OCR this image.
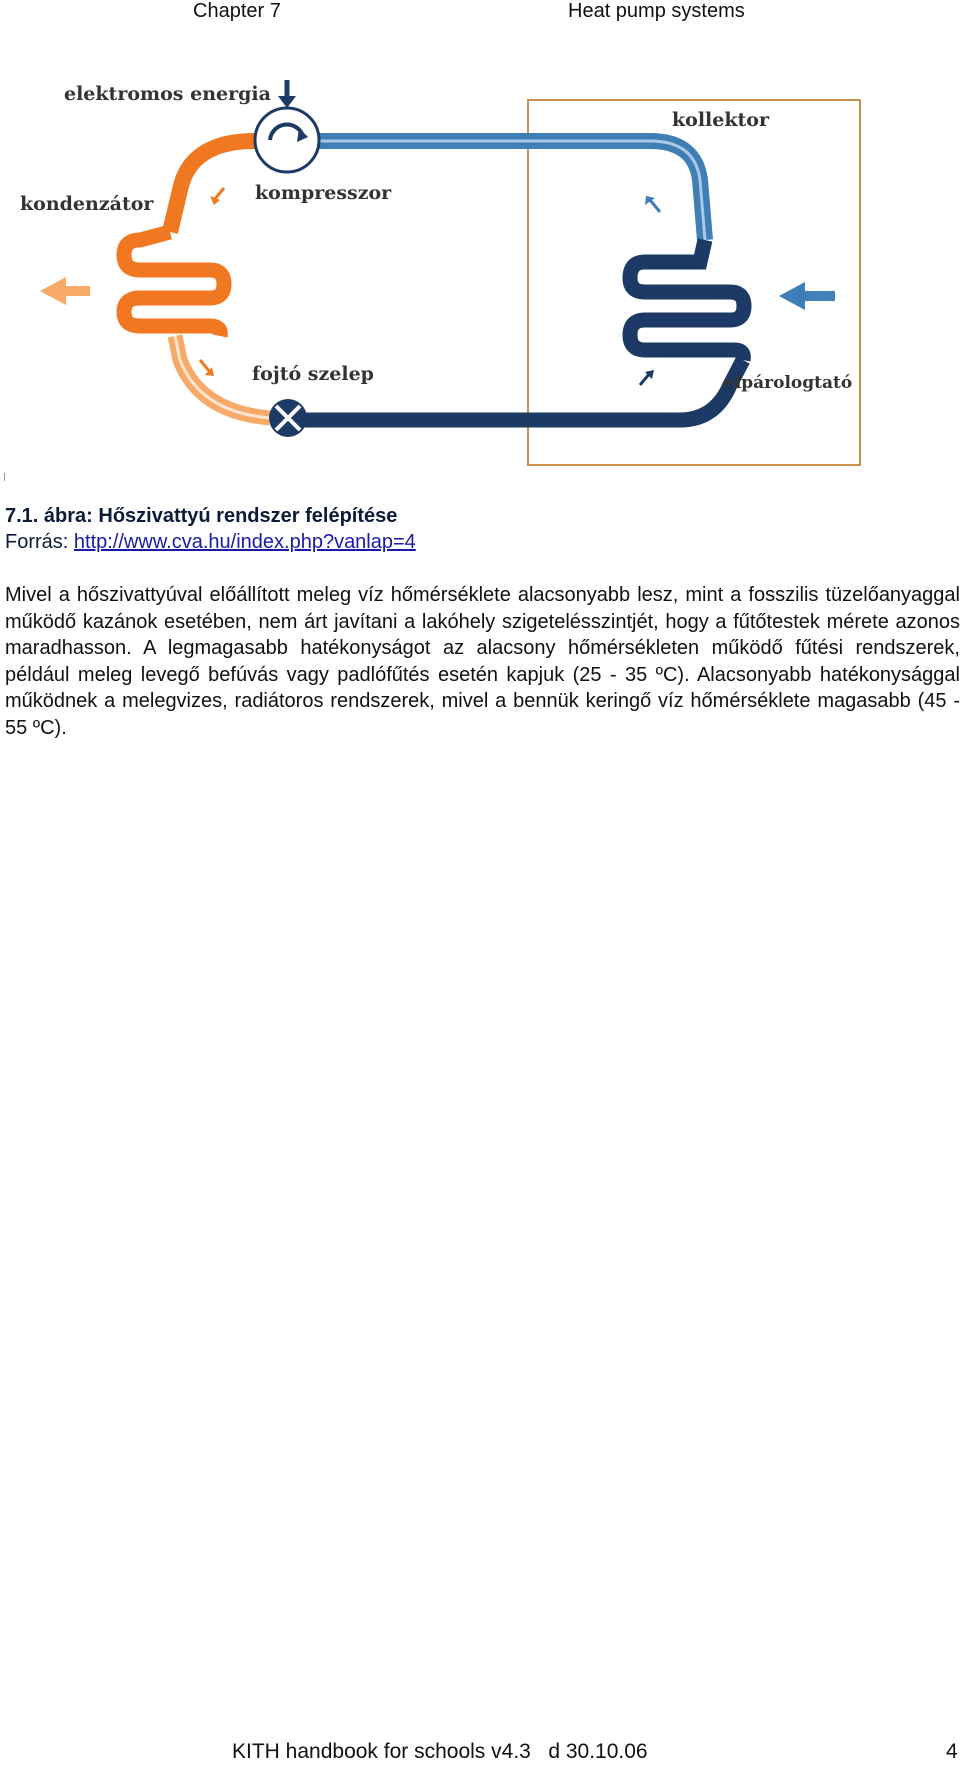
Chapter 7	Heat pump systems
elektromos energia
kollektor
kondenzátor	kompresszor
fojtó szelep	elpárologtató
7.1. ábra: Hőszivattyú rendszer felépítése
Forrás: http://www.cva.hu/index.php?vanlap=4
Mivel a hőszivattyúval előállított meleg víz hőmérséklete alacsonyabb lesz, mint a fosszilis tüzelőanyaggal működő kazánok esetében, nem árt javítani a lakóhely szigetelésszintjét, hogy a fűtőtestek mérete azonos maradhasson. A legmagasabb hatékonyságot az alacsony hőmérsékleten működő fűtési rendszerek, például meleg levegő befúvás vagy padlófűtés esetén kapjuk (25 - 35 ºC). Alacsonyabb hatékonysággal működnek a melegvizes, radiátoros rendszerek, mivel a bennük keringő víz hőmérséklete magasabb (45 - 55 ºC).
KITH handbook for schools v4.3   d 30.10.06	4
